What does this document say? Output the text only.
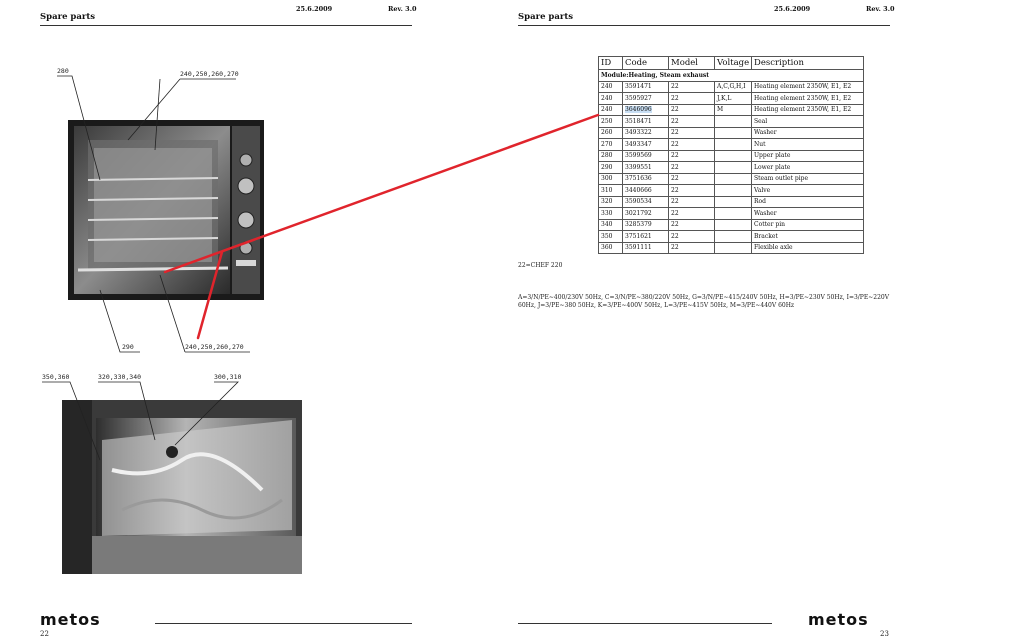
Spare parts
25.6.2009	Rev. 3.0
280	240,250,260,270
290	240,250,260,270
350,360	320,330,340	300,310
metos
22
Spare parts
25.6.2009	Rev. 3.0
ID	Code	Model	Voltage	Description
Module:Heating, Steam exhaust				
240	3591471	22	A,C,G,H,I	Heating element 2350W, E1, E2
240	3595927	22	J,K,L	Heating element 2350W, E1, E2
240	3646096	22	M	Heating element 2350W, E1, E2
250	3518471	22		Seal
260	3493322	22		Washer
270	3493347	22		Nut
280	3599569	22		Upper plate
290	3399551	22		Lower plate
300	3751636	22		Steam outlet pipe
310	3440666	22		Valve
320	3590534	22		Rod
330	3021792	22		Washer
340	3285379	22		Cotter pin
350	3751621	22		Bracket
360	3591111	22		Flexible axle
22=CHEF 220
A=3/N/PE~400/230V 50Hz, C=3/N/PE~380/220V 50Hz, G=3/N/PE~415/240V 50Hz, H=3/PE~230V 50Hz, I=3/PE~220V 60Hz, J=3/PE~380 50Hz, K=3/PE~400V 50Hz, L=3/PE~415V 50Hz, M=3/PE~440V 60Hz
metos
23
